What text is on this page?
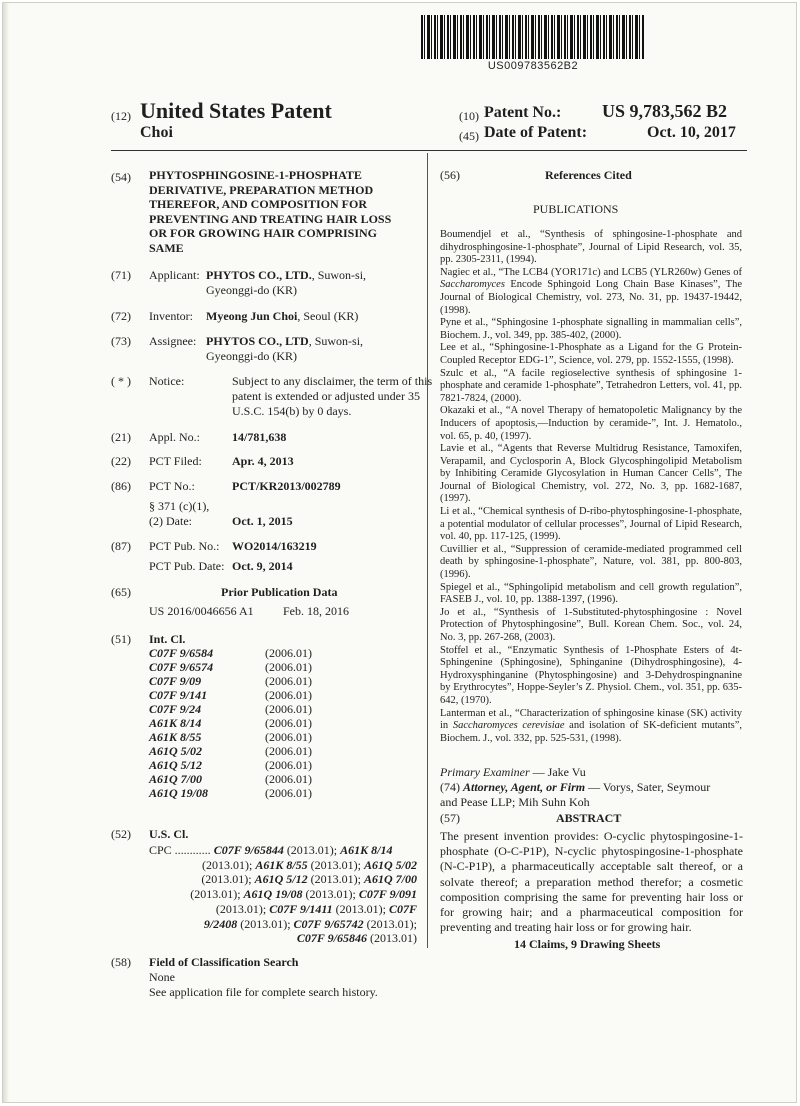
US009783562B2
(12) United States Patent
Choi
(10) Patent No.: US 9,783,562 B2
(45) Date of Patent:	Oct. 10, 2017
(54) PHYTOSPHINGOSINE-1-PHOSPHATE
DERIVATIVE, PREPARATION METHOD
THEREFOR, AND COMPOSITION FOR
PREVENTING AND TREATING HAIR LOSS
OR FOR GROWING HAIR COMPRISING
SAME
(71) Applicant: PHYTOS CO., LTD., Suwon-si,
Gyeonggi-do (KR)
(72) Inventor: Myeong Jun Choi, Seoul (KR)
(73) Assignee: PHYTOS CO., LTD, Suwon-si,
Gyeonggi-do (KR)
( * ) Notice:	Subject to any disclaimer, the term of this
patent is extended or adjusted under 35
U.S.C. 154(b) by 0 days.
(21) Appl. No.:	14/781,638
(22) PCT Filed:	Apr. 4, 2013
(86) PCT No.:	PCT/KR2013/002789
§ 371 (c)(1),
(2) Date:	Oct. 1, 2015
(87) PCT Pub. No.: WO2014/163219
PCT Pub. Date: Oct. 9, 2014
(65)	Prior Publication Data
US 2016/0046656 A1 Feb. 18, 2016
(51) Int. Cl.
C07F 9/6584	(2006.01)
C07F 9/6574	(2006.01)
C07F 9/09	(2006.01)
C07F 9/141	(2006.01)
C07F 9/24	(2006.01)
A61K 8/14	(2006.01)
A61K 8/55	(2006.01)
A61Q 5/02	(2006.01)
A61Q 5/12	(2006.01)
A61Q 7/00	(2006.01)
A61Q 19/08	(2006.01)
(52) U.S. Cl.
CPC ............ C07F 9/65844 (2013.01); A61K 8/14
(2013.01); A61K 8/55 (2013.01); A61Q 5/02
(2013.01); A61Q 5/12 (2013.01); A61Q 7/00
(2013.01); A61Q 19/08 (2013.01); C07F 9/091
(2013.01); C07F 9/1411 (2013.01); C07F
9/2408 (2013.01); C07F 9/65742 (2013.01);
C07F 9/65846 (2013.01)
(58) Field of Classification Search
None
See application file for complete search history.
(56)	References Cited
PUBLICATIONS

Boumendjel et al., “Synthesis of sphingosine-1-phosphate and dihydrosphingosine-1-phosphate”, Journal of Lipid Research, vol. 35, pp. 2305-2311, (1994).

Nagiec et al., “The LCB4 (YOR171c) and LCB5 (YLR260w) Genes of Saccharomyces Encode Sphingoid Long Chain Base Kinases”, The Journal of Biological Chemistry, vol. 273, No. 31, pp. 19437-19442, (1998).

Pyne et al., “Sphingosine 1-phosphate signalling in mammalian cells”, Biochem. J., vol. 349, pp. 385-402, (2000).

Lee et al., “Sphingosine-1-Phosphate as a Ligand for the G Protein-Coupled Receptor EDG-1”, Science, vol. 279, pp. 1552-1555, (1998).

Szulc et al., “A facile regioselective synthesis of sphingosine 1-phosphate and ceramide 1-phosphate”, Tetrahedron Letters, vol. 41, pp. 7821-7824, (2000).

Okazaki et al., “A novel Therapy of hematopoletic Malignancy by the Inducers of apoptosis,—Induction by ceramide-”, Int. J. Hematolo., vol. 65, p. 40, (1997).

Lavie et al., “Agents that Reverse Multidrug Resistance, Tamoxifen, Verapamil, and Cyclosporin A, Block Glycosphingolipid Metabolism by Inhibiting Ceramide Glycosylation in Human Cancer Cells”, The Journal of Biological Chemistry, vol. 272, No. 3, pp. 1682-1687, (1997).

Li et al., “Chemical synthesis of D-ribo-phytosphingosine-1-phosphate, a potential modulator of cellular processes”, Journal of Lipid Research, vol. 40, pp. 117-125, (1999).

Cuvillier et al., “Suppression of ceramide-mediated programmed cell death by sphingosine-1-phosphate”, Nature, vol. 381, pp. 800-803, (1996).

Spiegel et al., “Sphingolipid metabolism and cell growth regulation”, FASEB J., vol. 10, pp. 1388-1397, (1996).

Jo et al., “Synthesis of 1-Substituted-phytosphingosine : Novel Protection of Phytosphingosine”, Bull. Korean Chem. Soc., vol. 24, No. 3, pp. 267-268, (2003).

Stoffel et al., “Enzymatic Synthesis of 1-Phosphate Esters of 4t-Sphingenine (Sphingosine), Sphinganine (Dihydrosphingosine), 4-Hydroxysphinganine (Phytosphingosine) and 3-Dehydrospingnanine by Erythrocytes”, Hoppe-Seyler’s Z. Physiol. Chem., vol. 351, pp. 635-642, (1970).

Lanterman et al., “Characterization of sphingosine kinase (SK) activity in Saccharomyces cerevisiae and isolation of SK-deficient mutants”, Biochem. J., vol. 332, pp. 525-531, (1998).

Primary Examiner — Jake Vu
(74) Attorney, Agent, or Firm — Vorys, Sater, Seymour
and Pease LLP; Mih Suhn Koh
(57)	ABSTRACT
The present invention provides: O-cyclic phytospingosine-1-phosphate (O-C-P1P), N-cyclic phytospingosine-1-phosphate (N-C-P1P), a pharmaceutically acceptable salt thereof, or a solvate thereof; a preparation method therefor; a cosmetic composition comprising the same for preventing hair loss or for growing hair; and a pharmaceutical composition for preventing and treating hair loss or for growing hair.
14 Claims, 9 Drawing Sheets
